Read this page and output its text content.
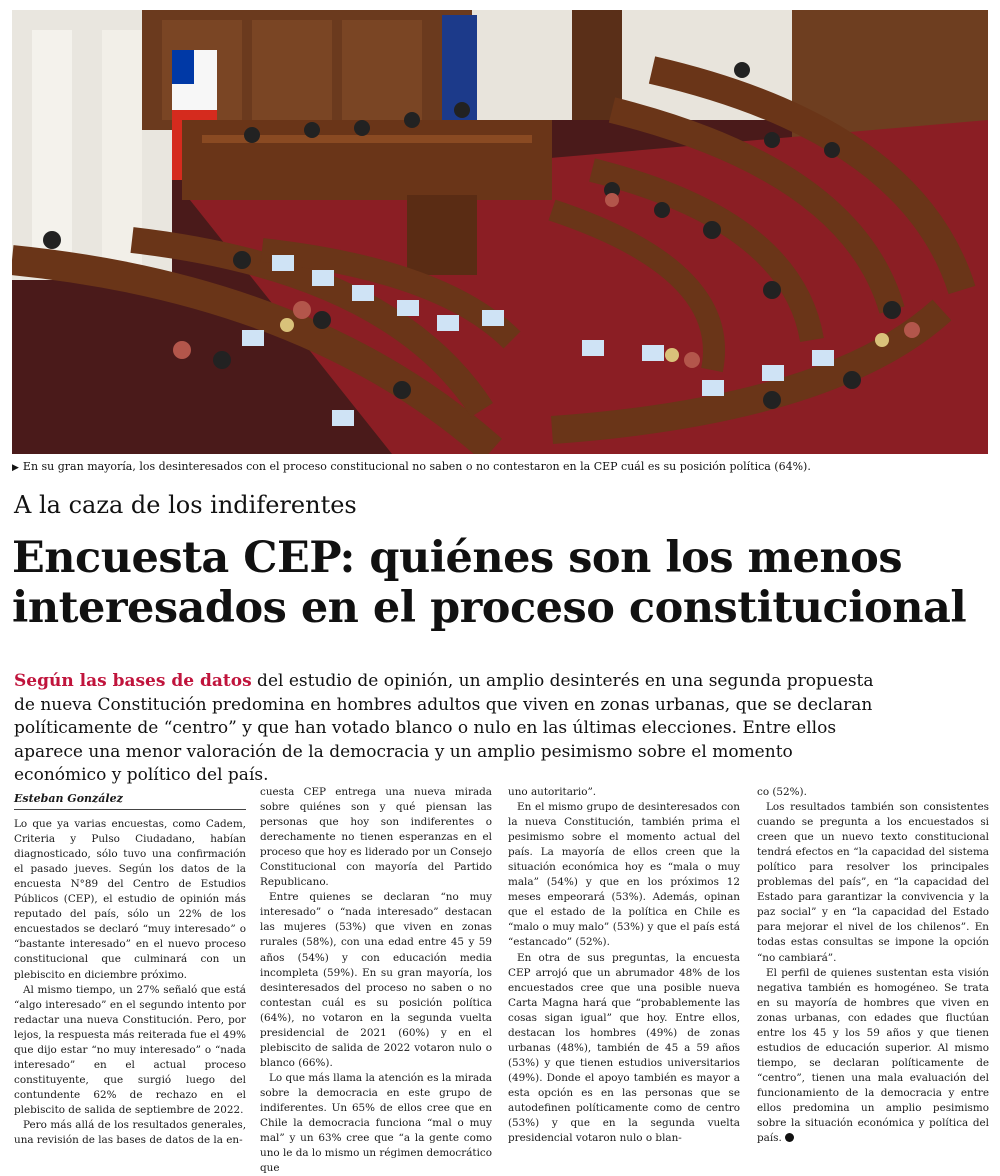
▶ En su gran mayoría, los desinteresados con el proceso constitucional no saben o no contestaron en la CEP cuál es su posición política (64%).
A la caza de los indiferentes
Encuesta CEP: quiénes son los menos
interesados en el proceso constitucional
Según las bases de datos del estudio de opinión, un amplio desinterés en una segunda propuesta de nueva Constitución predomina en hombres adultos que viven en zonas urbanas, que se declaran políticamente de “centro” y que han votado blanco o nulo en las últimas elecciones. Entre ellos aparece una menor valoración de la democracia y un amplio pesimismo sobre el momento económico y político del país.
Esteban González

Lo que ya varias encuestas, como Cadem, Criteria y Pulso Ciudadano, habían diagnosticado, sólo tuvo una confirmación el pasado jueves. Según los datos de la encuesta N°89 del Centro de Estudios Públicos (CEP), el estudio de opinión más reputado del país, sólo un 22% de los encuestados se declaró “muy interesado” o “bastante interesado” en el nuevo proceso constitucional que culminará con un plebiscito en diciembre próximo.

Al mismo tiempo, un 27% señaló que está “algo interesado” en el segundo intento por redactar una nueva Constitución. Pero, por lejos, la respuesta más reiterada fue el 49% que dijo estar “no muy interesado” o “nada interesado” en el actual proceso constituyente, que surgió luego del contundente 62% de rechazo en el plebiscito de salida de septiembre de 2022.

Pero más allá de los resultados generales, una revisión de las bases de datos de la en-

cuesta CEP entrega una nueva mirada sobre quiénes son y qué piensan las personas que hoy son indiferentes o derechamente no tienen esperanzas en el proceso que hoy es liderado por un Consejo Constitucional con mayoría del Partido Republicano.

Entre quienes se declaran “no muy interesado” o “nada interesado” destacan las mujeres (53%) que viven en zonas rurales (58%), con una edad entre 45 y 59 años (54%) y con educación media incompleta (59%). En su gran mayoría, los desinteresados del proceso no saben o no contestan cuál es su posición política (64%), no votaron en la segunda vuelta presidencial de 2021 (60%) y en el plebiscito de salida de 2022 votaron nulo o blanco (66%).

Lo que más llama la atención es la mirada sobre la democracia en este grupo de indiferentes. Un 65% de ellos cree que en Chile la democracia funciona “mal o muy mal” y un 63% cree que “a la gente como uno le da lo mismo un régimen democrático que

uno autoritario”.

En el mismo grupo de desinteresados con la nueva Constitución, también prima el pesimismo sobre el momento actual del país. La mayoría de ellos creen que la situación económica hoy es “mala o muy mala” (54%) y que en los próximos 12 meses empeorará (53%). Además, opinan que el estado de la política en Chile es “malo o muy malo” (53%) y que el país está “estancado” (52%).

En otra de sus preguntas, la encuesta CEP arrojó que un abrumador 48% de los encuestados cree que una posible nueva Carta Magna hará que “probablemente las cosas sigan igual” que hoy. Entre ellos, destacan los hombres (49%) de zonas urbanas (48%), también de 45 a 59 años (53%) y que tienen estudios universitarios (49%). Donde el apoyo también es mayor a esta opción es en las personas que se autodefinen políticamente como de centro (53%) y que en la segunda vuelta presidencial votaron nulo o blan-

co (52%).

Los resultados también son consistentes cuando se pregunta a los encuestados si creen que un nuevo texto constitucional tendrá efectos en “la capacidad del sistema político para resolver los principales problemas del país”, en “la capacidad del Estado para garantizar la convivencia y la paz social” y en “la capacidad del Estado para mejorar el nivel de los chilenos”. En todas estas consultas se impone la opción “no cambiará”.

El perfil de quienes sustentan esta visión negativa también es homogéneo. Se trata en su mayoría de hombres que viven en zonas urbanas, con edades que fluctúan entre los 45 y los 59 años y que tienen estudios de educación superior. Al mismo tiempo, se declaran políticamente de “centro”, tienen una mala evaluación del funcionamiento de la democracia y entre ellos predomina un amplio pesimismo sobre la situación económica y política del país.
